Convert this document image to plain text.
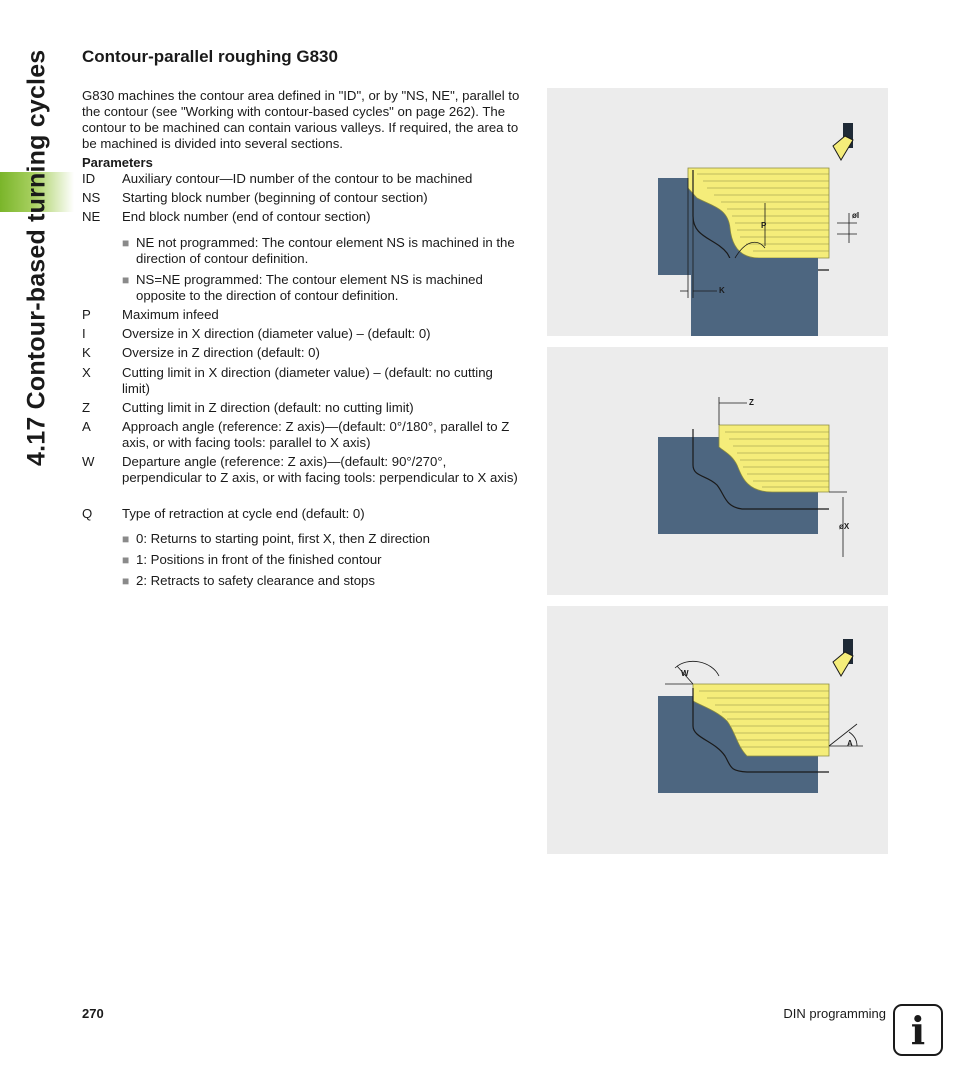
4.17 Contour-based turning cycles	Contour-parallel roughing G830

G830 machines the contour area defined in "ID", or by "NS, NE", parallel to the contour (see "Working with contour-based cycles" on page 262). The contour to be machined can contain various valleys. If required, the area to be machined is divided into several sections.

Parameters
ID Auxiliary contour—ID number of the contour to be machined
NS Starting block number (beginning of contour section)
NE End block number (end of contour section)
■ NE not programmed: The contour element NS is machined in the direction of contour definition.
■ NS=NE programmed: The contour element NS is machined opposite to the direction of contour definition.
P Maximum infeed
I	Oversize in X direction (diameter value) – (default: 0)
K Oversize in Z direction (default: 0)
X Cutting limit in X direction (diameter value) – (default: no cutting limit)
Z Cutting limit in Z direction (default: no cutting limit)
A Approach angle (reference: Z axis)—(default: 0°/180°, parallel to Z axis, or with facing tools: parallel to X axis)
W Departure angle (reference: Z axis)—(default: 90°/270°, perpendicular to Z axis, or with facing tools: perpendicular to X axis)
Q Type of retraction at cycle end (default: 0)
■ 0: Returns to starting point, first X, then Z direction
■ 1: Positions in front of the finished contour
■ 2: Retracts to safety clearance and stops
K
P
øI
Z
øX
W
A
270	DIN programming i
